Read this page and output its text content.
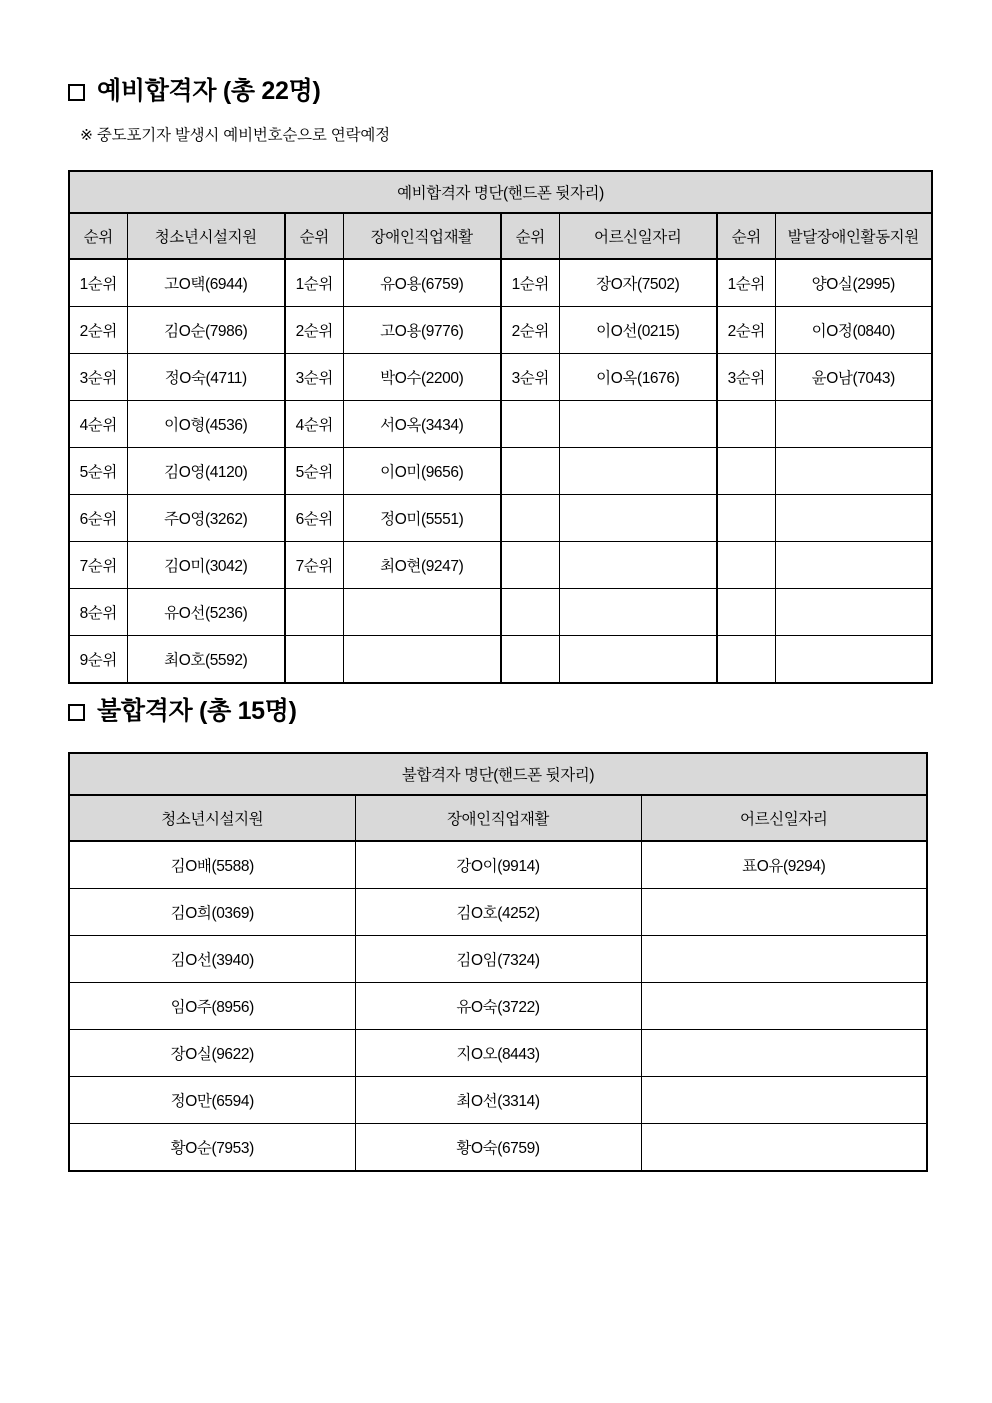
예비합격자 (총 22명)
※ 중도포기자 발생시 예비번호순으로 연락예정
예비합격자 명단(핸드폰 뒷자리)							
순위	청소년시설지원	순위	장애인직업재활	순위	어르신일자리	순위	발달장애인활동지원
1순위	고O택(6944)	1순위	유O용(6759)	1순위	장O자(7502)	1순위	양O실(2995)
2순위	김O순(7986)	2순위	고O용(9776)	2순위	이O선(0215)	2순위	이O정(0840)
3순위	정O숙(4711)	3순위	박O수(2200)	3순위	이O옥(1676)	3순위	윤O남(7043)
4순위	이O형(4536)	4순위	서O옥(3434)				
5순위	김O영(4120)	5순위	이O미(9656)				
6순위	주O영(3262)	6순위	정O미(5551)				
7순위	김O미(3042)	7순위	최O현(9247)				
8순위	유O선(5236)						
9순위	최O호(5592)						
불합격자 (총 15명)
불합격자 명단(핸드폰 뒷자리)		
청소년시설지원	장애인직업재활	어르신일자리
김O배(5588)	강O이(9914)	표O유(9294)
김O희(0369)	김O호(4252)	
김O선(3940)	김O임(7324)	
임O주(8956)	유O숙(3722)	
장O실(9622)	지O오(8443)	
정O만(6594)	최O선(3314)	
황O순(7953)	황O숙(6759)	
